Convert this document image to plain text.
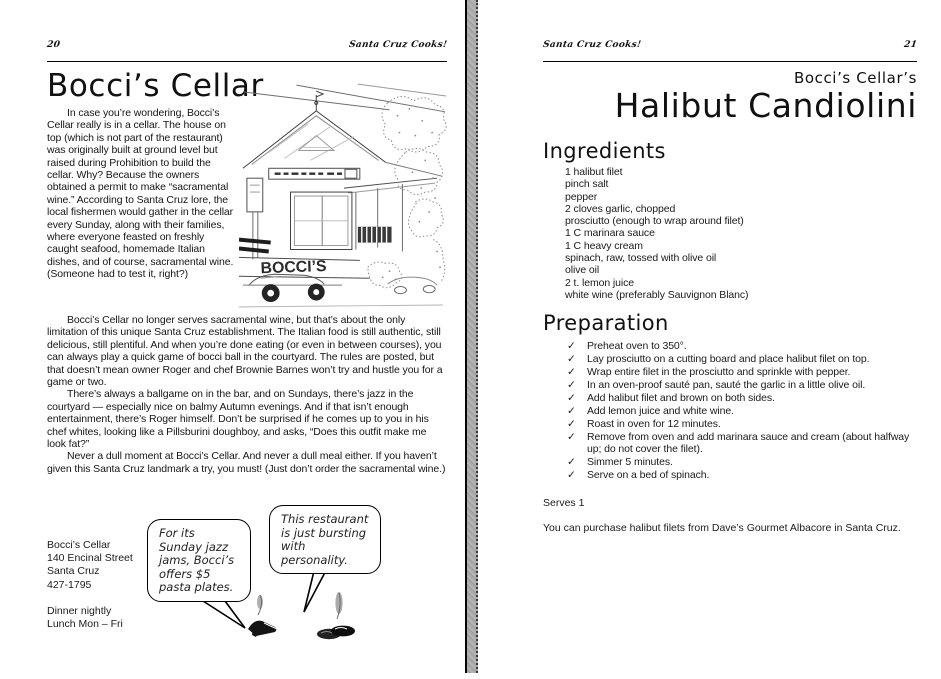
20	Santa Cruz Cooks!
Bocci’s Cellar

In case you’re wondering, Bocci’s Cellar really is in a cellar. The house on top (which is not part of the restaurant) was originally built at ground level but raised during Prohibition to build the cellar. Why? Because the owners obtained a permit to make “sacramental wine.” According to Santa Cruz lore, the local fishermen would gather in the cellar every Sunday, along with their families, where everyone feasted on freshly caught seafood, homemade Italian dishes, and of course, sacramental wine. (Someone had to test it, right?)	BOCCI’S

Bocci’s Cellar no longer serves sacramental wine, but that’s about the only limitation of this unique Santa Cruz establishment. The Italian food is still authentic, still delicious, still plentiful. And when you’re done eating (or even in between courses), you can always play a quick game of bocci ball in the courtyard. The rules are posted, but that doesn’t mean owner Roger and chef Brownie Barnes won’t try and hustle you for a game or two.

There’s always a ballgame on in the bar, and on Sundays, there’s jazz in the courtyard — especially nice on balmy Autumn evenings. And if that isn’t enough entertainment, there’s Roger himself. Don’t be surprised if he comes up to you in his chef whites, looking like a Pillsburini doughboy, and asks, “Does this outfit make me look fat?”

Never a dull moment at Bocci’s Cellar. And never a dull meal either. If you haven’t given this Santa Cruz landmark a try, you must! (Just don’t order the sacramental wine.)

Bocci’s Cellar
140 Encinal Street
Santa Cruz
427-1795
Dinner nightly
Lunch Mon – Fri
For its Sunday jazz jams, Bocci’s offers $5 pasta plates.
This restaurant is just bursting with personality.
Santa Cruz Cooks!	21
Bocci’s Cellar’s
Halibut Candiolini
Ingredients
1 halibut filet
pinch salt
pepper
2 cloves garlic, chopped
prosciutto (enough to wrap around filet)
1 C marinara sauce
1 C heavy cream
spinach, raw, tossed with olive oil
olive oil
2 t. lemon juice
white wine (preferably Sauvignon Blanc)
Preparation
✓	Preheat oven to 350°.
✓	Lay prosciutto on a cutting board and place halibut filet on top.
✓	Wrap entire filet in the prosciutto and sprinkle with pepper.
✓	In an oven-proof sauté pan, sauté the garlic in a little olive oil.
✓	Add halibut filet and brown on both sides.
✓	Add lemon juice and white wine.
✓	Roast in oven for 12 minutes.
✓	Remove from oven and add marinara sauce and cream (about halfway up; do not cover the filet).
✓	Simmer 5 minutes.
✓	Serve on a bed of spinach.
Serves 1
You can purchase halibut filets from Dave’s Gourmet Albacore in Santa Cruz.
